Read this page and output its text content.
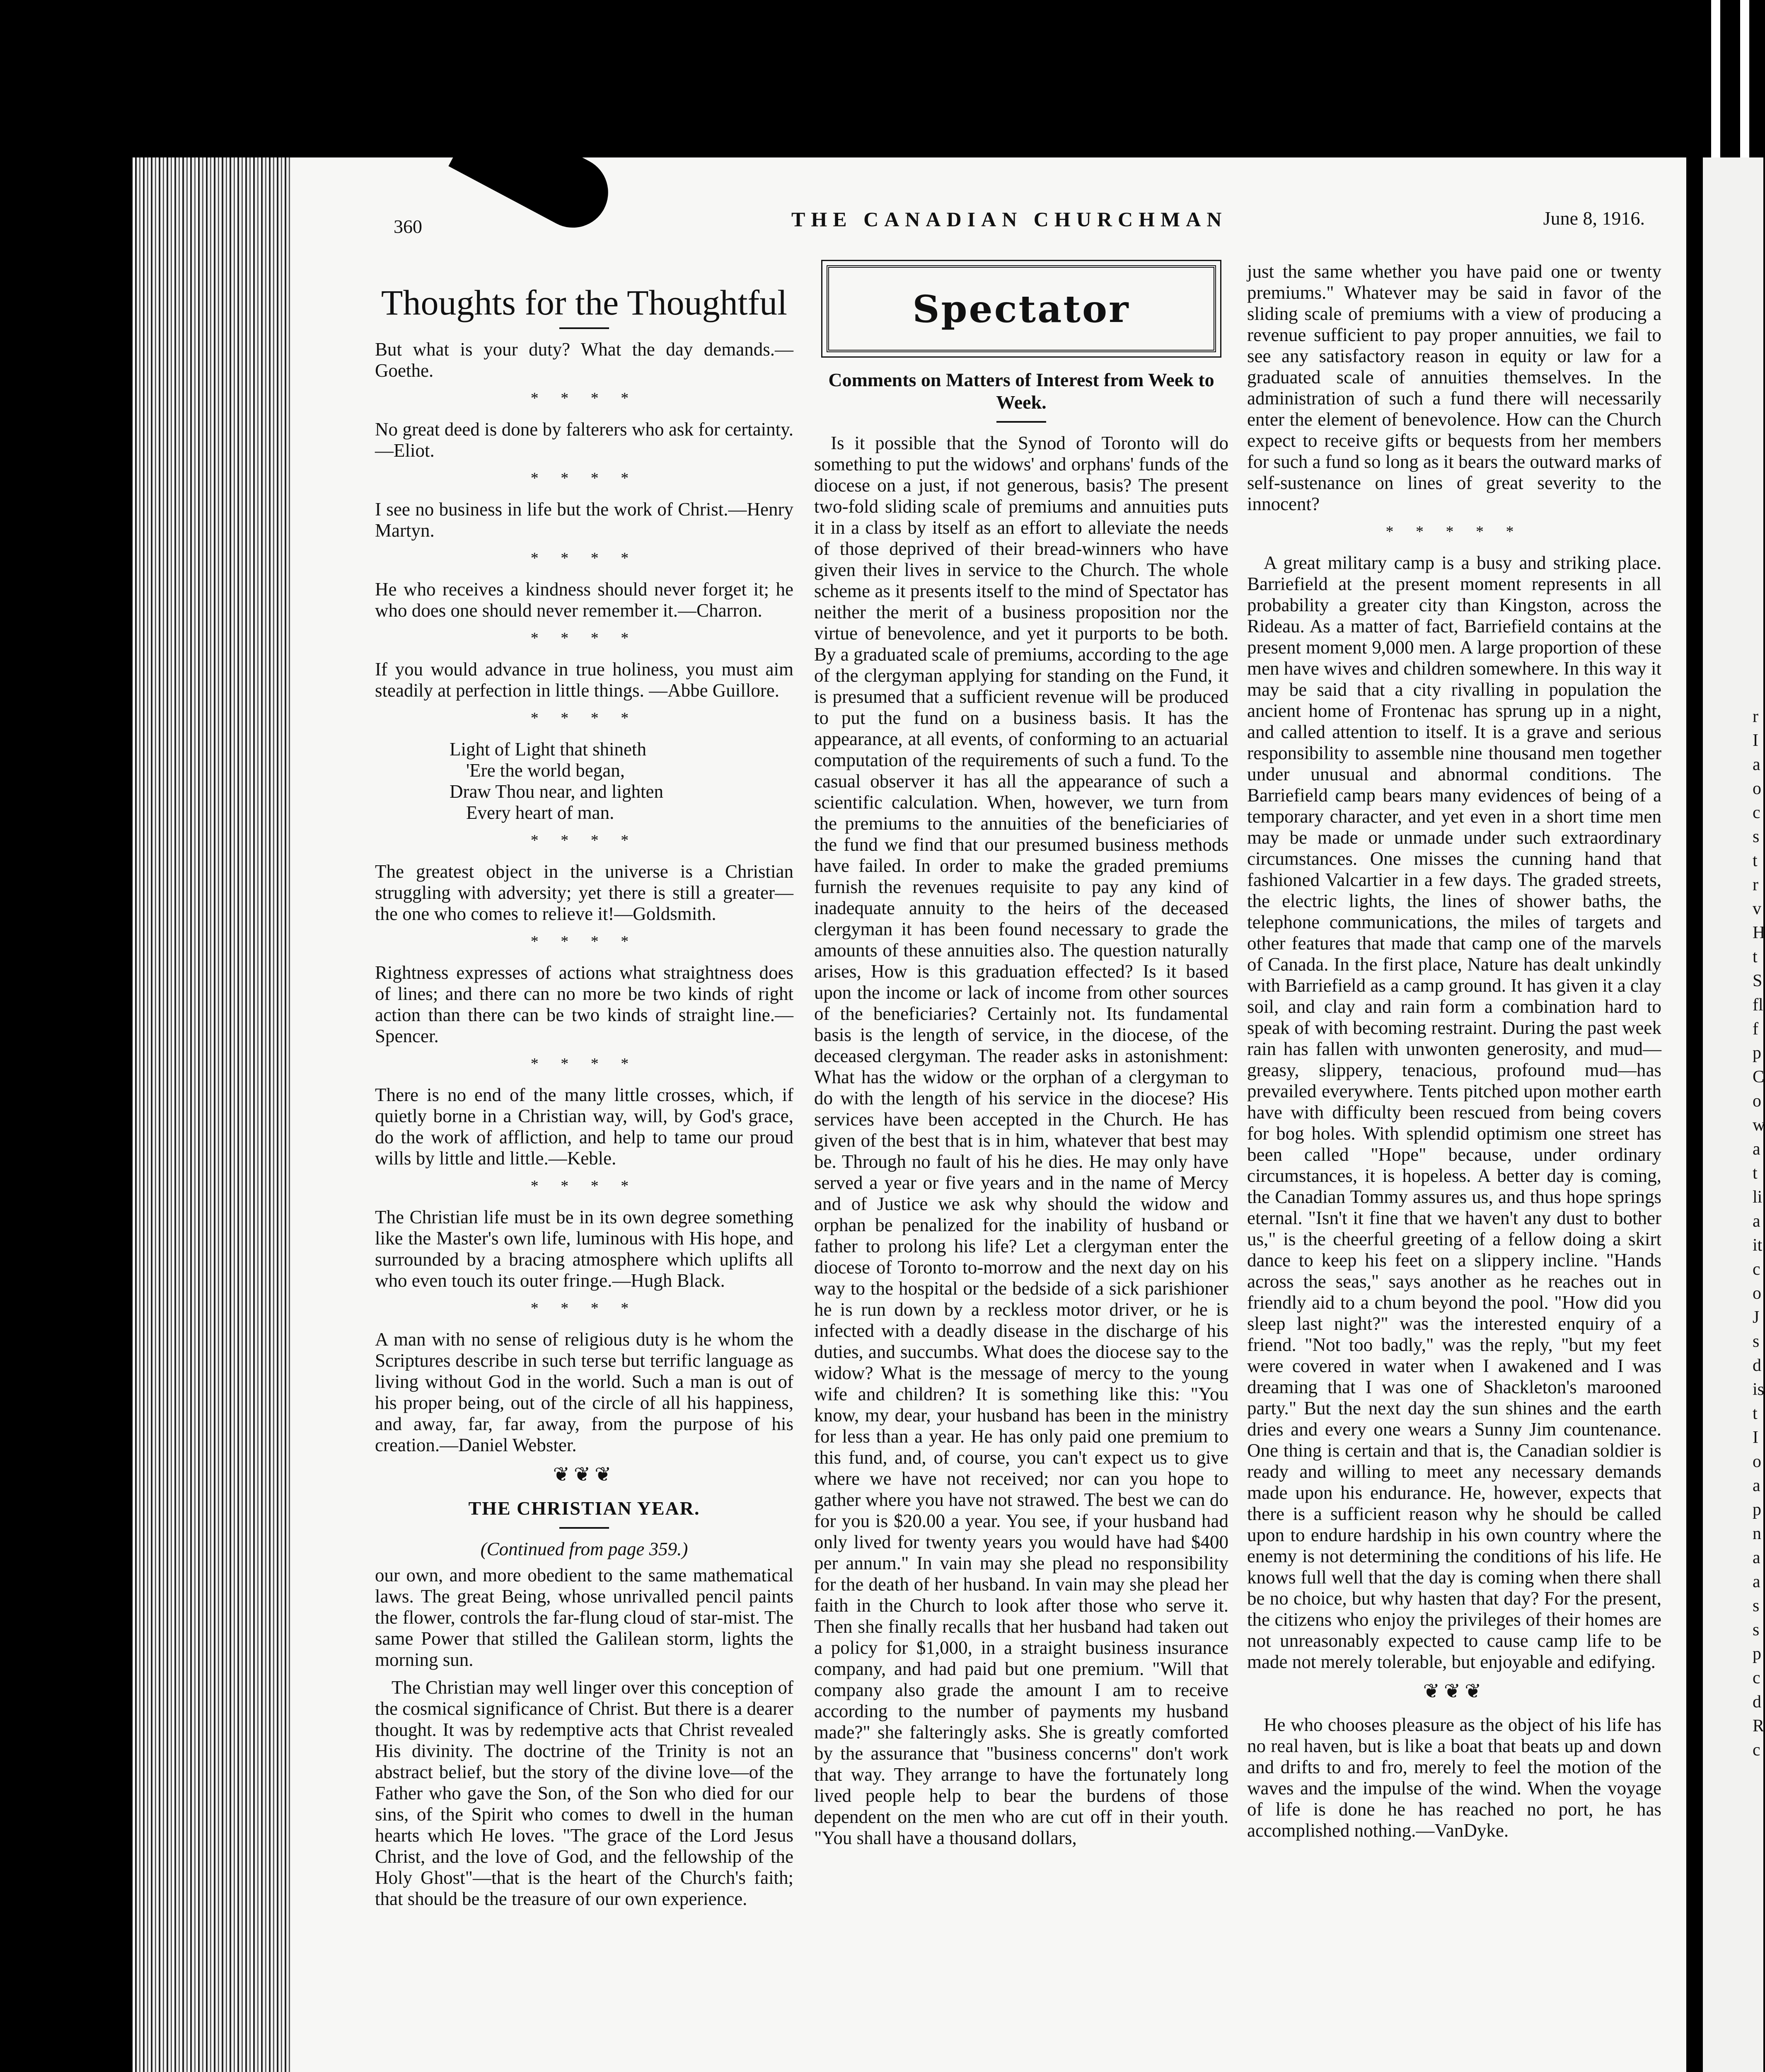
r
I
a
o
c
s
t
r
v
H
t
S
fl
f
p
C
o
w
a
t
li
a
it
c
o
J
s
d
is
t
I
o
a
p
n
a
a
s
s
p
c
d
R
c
360	THE CANADIAN CHURCHMAN	June 8, 1916.
Thoughts for the Thoughtful

But what is your duty? What the day demands.—Goethe.

* * * *

No great deed is done by falterers who ask for certainty.—Eliot.

* * * *

I see no business in life but the work of Christ.—Henry Martyn.

* * * *

He who receives a kindness should never forget it; he who does one should never remember it.—Charron.

* * * *

If you would advance in true holiness, you must aim steadily at perfection in little things. —Abbe Guillore.

* * * *
Light of Light that shineth
'Ere the world began,
Draw Thou near, and lighten
Every heart of man.
* * * *

The greatest object in the universe is a Christian struggling with adversity; yet there is still a greater—the one who comes to relieve it!—Goldsmith.

* * * *

Rightness expresses of actions what straightness does of lines; and there can no more be two kinds of right action than there can be two kinds of straight line.—Spencer.

* * * *

There is no end of the many little crosses, which, if quietly borne in a Christian way, will, by God's grace, do the work of affliction, and help to tame our proud wills by little and little.—Keble.

* * * *

The Christian life must be in its own degree something like the Master's own life, luminous with His hope, and surrounded by a bracing atmosphere which uplifts all who even touch its outer fringe.—Hugh Black.

* * * *

A man with no sense of religious duty is he whom the Scriptures describe in such terse but terrific language as living without God in the world. Such a man is out of his proper being, out of the circle of all his happiness, and away, far, far away, from the purpose of his creation.—Daniel Webster.

❦❦❦
THE CHRISTIAN YEAR.
(Continued from page 359.)

our own, and more obedient to the same mathematical laws. The great Being, whose unrivalled pencil paints the flower, controls the far-flung cloud of star-mist. The same Power that stilled the Galilean storm, lights the morning sun.

The Christian may well linger over this conception of the cosmical significance of Christ. But there is a dearer thought. It was by redemptive acts that Christ revealed His divinity. The doctrine of the Trinity is not an abstract belief, but the story of the divine love—of the Father who gave the Son, of the Son who died for our sins, of the Spirit who comes to dwell in the human hearts which He loves. "The grace of the Lord Jesus Christ, and the love of God, and the fellowship of the Holy Ghost"—that is the heart of the Church's faith; that should be the treasure of our own experience.

Spectator
Comments on Matters of Interest from Week to Week.

Is it possible that the Synod of Toronto will do something to put the widows' and orphans' funds of the diocese on a just, if not generous, basis? The present two-fold sliding scale of premiums and annuities puts it in a class by itself as an effort to alleviate the needs of those deprived of their bread-winners who have given their lives in service to the Church. The whole scheme as it presents itself to the mind of Spectator has neither the merit of a business proposition nor the virtue of benevolence, and yet it purports to be both. By a graduated scale of premiums, according to the age of the clergyman applying for standing on the Fund, it is presumed that a sufficient revenue will be produced to put the fund on a business basis. It has the appearance, at all events, of conforming to an actuarial computation of the requirements of such a fund. To the casual observer it has all the appearance of such a scientific calculation. When, however, we turn from the premiums to the annuities of the beneficiaries of the fund we find that our presumed business methods have failed. In order to make the graded premiums furnish the revenues requisite to pay any kind of inadequate annuity to the heirs of the deceased clergyman it has been found necessary to grade the amounts of these annuities also. The question naturally arises, How is this graduation effected? Is it based upon the income or lack of income from other sources of the beneficiaries? Certainly not. Its fundamental basis is the length of service, in the diocese, of the deceased clergyman. The reader asks in astonishment: What has the widow or the orphan of a clergyman to do with the length of his service in the diocese? His services have been accepted in the Church. He has given of the best that is in him, whatever that best may be. Through no fault of his he dies. He may only have served a year or five years and in the name of Mercy and of Justice we ask why should the widow and orphan be penalized for the inability of husband or father to prolong his life? Let a clergyman enter the diocese of Toronto to-morrow and the next day on his way to the hospital or the bedside of a sick parishioner he is run down by a reckless motor driver, or he is infected with a deadly disease in the discharge of his duties, and succumbs. What does the diocese say to the widow? What is the message of mercy to the young wife and children? It is something like this: "You know, my dear, your husband has been in the ministry for less than a year. He has only paid one premium to this fund, and, of course, you can't expect us to give where we have not received; nor can you hope to gather where you have not strawed. The best we can do for you is $20.00 a year. You see, if your husband had only lived for twenty years you would have had $400 per annum." In vain may she plead no responsibility for the death of her husband. In vain may she plead her faith in the Church to look after those who serve it. Then she finally recalls that her husband had taken out a policy for $1,000, in a straight business insurance company, and had paid but one premium. "Will that company also grade the amount I am to receive according to the number of payments my husband made?" she falteringly asks. She is greatly comforted by the assurance that "business concerns" don't work that way. They arrange to have the fortunately long lived people help to bear the burdens of those dependent on the men who are cut off in their youth. "You shall have a thousand dollars,

just the same whether you have paid one or twenty premiums." Whatever may be said in favor of the sliding scale of premiums with a view of producing a revenue sufficient to pay proper annuities, we fail to see any satisfactory reason in equity or law for a graduated scale of annuities themselves. In the administration of such a fund there will necessarily enter the element of benevolence. How can the Church expect to receive gifts or bequests from her members for such a fund so long as it bears the outward marks of self-sustenance on lines of great severity to the innocent?

* * * * *

A great military camp is a busy and striking place. Barriefield at the present moment represents in all probability a greater city than Kingston, across the Rideau. As a matter of fact, Barriefield contains at the present moment 9,000 men. A large proportion of these men have wives and children somewhere. In this way it may be said that a city rivalling in population the ancient home of Frontenac has sprung up in a night, and called attention to itself. It is a grave and serious responsibility to assemble nine thousand men together under unusual and abnormal conditions. The Barriefield camp bears many evidences of being of a temporary character, and yet even in a short time men may be made or unmade under such extraordinary circumstances. One misses the cunning hand that fashioned Valcartier in a few days. The graded streets, the electric lights, the lines of shower baths, the telephone communications, the miles of targets and other features that made that camp one of the marvels of Canada. In the first place, Nature has dealt unkindly with Barriefield as a camp ground. It has given it a clay soil, and clay and rain form a combination hard to speak of with becoming restraint. During the past week rain has fallen with unwonten generosity, and mud—greasy, slippery, tenacious, profound mud—has prevailed everywhere. Tents pitched upon mother earth have with difficulty been rescued from being covers for bog holes. With splendid optimism one street has been called "Hope" because, under ordinary circumstances, it is hopeless. A better day is coming, the Canadian Tommy assures us, and thus hope springs eternal. "Isn't it fine that we haven't any dust to bother us," is the cheerful greeting of a fellow doing a skirt dance to keep his feet on a slippery incline. "Hands across the seas," says another as he reaches out in friendly aid to a chum beyond the pool. "How did you sleep last night?" was the interested enquiry of a friend. "Not too badly," was the reply, "but my feet were covered in water when I awakened and I was dreaming that I was one of Shackleton's marooned party." But the next day the sun shines and the earth dries and every one wears a Sunny Jim countenance. One thing is certain and that is, the Canadian soldier is ready and willing to meet any necessary demands made upon his endurance. He, however, expects that there is a sufficient reason why he should be called upon to endure hardship in his own country where the enemy is not determining the conditions of his life. He knows full well that the day is coming when there shall be no choice, but why hasten that day? For the present, the citizens who enjoy the privileges of their homes are not unreasonably expected to cause camp life to be made not merely tolerable, but enjoyable and edifying.

❦❦❦

He who chooses pleasure as the object of his life has no real haven, but is like a boat that beats up and down and drifts to and fro, merely to feel the motion of the waves and the impulse of the wind. When the voyage of life is done he has reached no port, he has accomplished nothing.—VanDyke.
